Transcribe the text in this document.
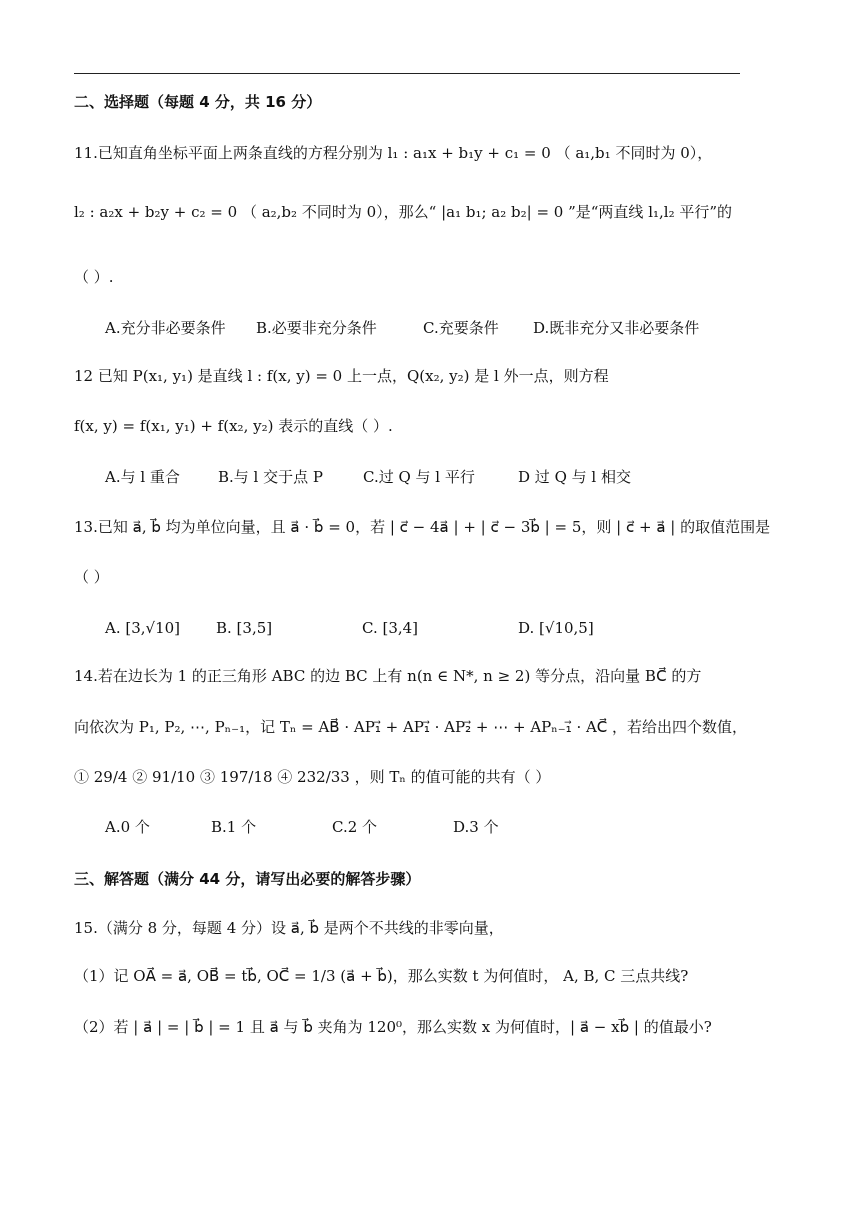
二、选择题（每题 4 分，共 16 分）
11.已知直角坐标平面上两条直线的方程分别为 l₁ : a₁x + b₁y + c₁ = 0 （ a₁,b₁ 不同时为 0），
l₂ : a₂x + b₂y + c₂ = 0 （ a₂,b₂ 不同时为 0），那么“ |a₁ b₁; a₂ b₂| = 0 ”是“两直线 l₁,l₂ 平行”的
（ ）.
A.充分非必要条件 B.必要非充分条件	C.充要条件 D.既非充分又非必要条件
12 已知 P(x₁, y₁) 是直线 l : f(x, y) = 0 上一点，Q(x₂, y₂) 是 l 外一点，则方程
f(x, y) = f(x₁, y₁) + f(x₂, y₂) 表示的直线（ ）.
A.与 l 重合	B.与 l 交于点 P	C.过 Q 与 l 平行	D 过 Q 与 l 相交
13.已知 a⃗, b⃗ 均为单位向量，且 a⃗ · b⃗ = 0，若 | c⃗ − 4a⃗ | + | c⃗ − 3b⃗ | = 5，则 | c⃗ + a⃗ | 的取值范围是
（ ）
A. [3,√10] B. [3,5]	C. [3,4]	D. [√10,5]
14.若在边长为 1 的正三角形 ABC 的边 BC 上有 n(n ∈ N*, n ≥ 2) 等分点，沿向量 BC⃗ 的方
向依次为 P₁, P₂, ⋯, Pₙ₋₁，记 Tₙ = AB⃗ · AP₁⃗ + AP₁⃗ · AP₂⃗ + ⋯ + APₙ₋₁⃗ · AC⃗ ，若给出四个数值，
① 29/4 ② 91/10 ③ 197/18 ④ 232/33 ，则 Tₙ 的值可能的共有（ ）
A.0 个	B.1 个	C.2 个	D.3 个
三、解答题（满分 44 分，请写出必要的解答步骤）
15.（满分 8 分，每题 4 分）设 a⃗, b⃗ 是两个不共线的非零向量，
（1）记 OA⃗ = a⃗, OB⃗ = tb⃗, OC⃗ = 1/3 (a⃗ + b⃗)，那么实数 t 为何值时， A, B, C 三点共线?
（2）若 | a⃗ | = | b⃗ | = 1 且 a⃗ 与 b⃗ 夹角为 120⁰，那么实数 x 为何值时，| a⃗ − xb⃗ | 的值最小?
